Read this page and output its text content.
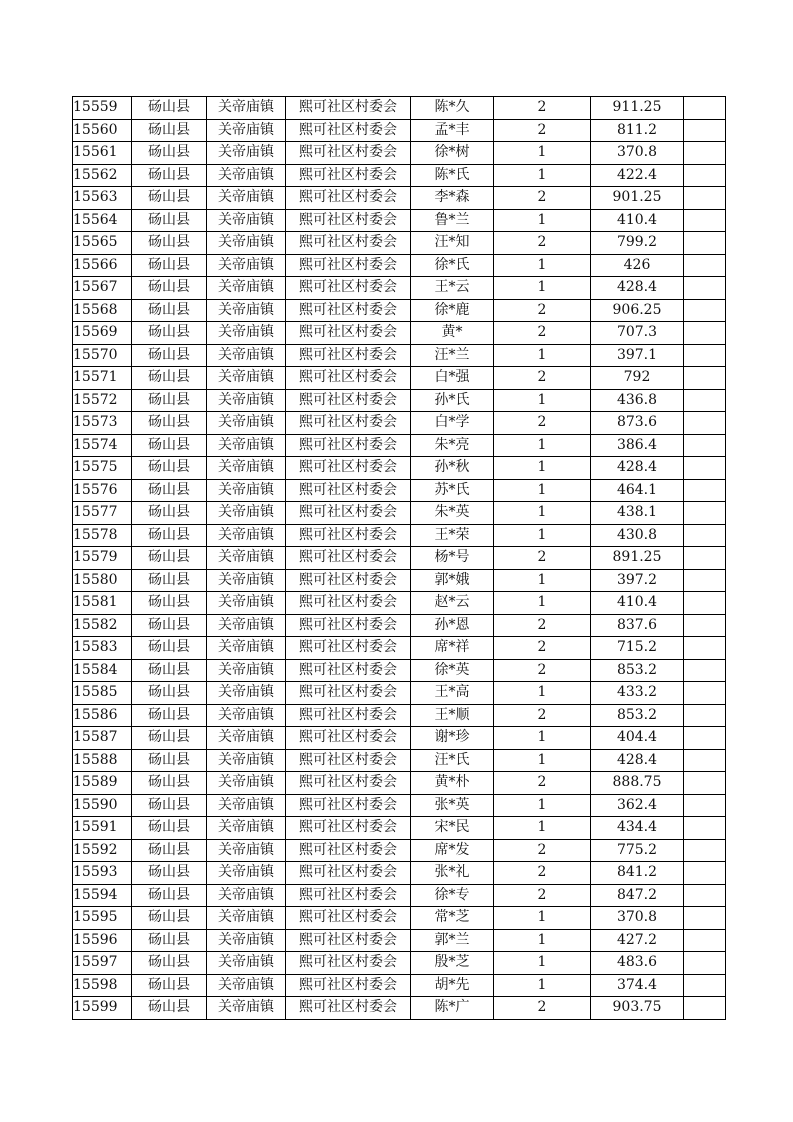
15559	砀山县	关帝庙镇	熙可社区村委会	陈*久	2	911.25	
15560	砀山县	关帝庙镇	熙可社区村委会	孟*丰	2	811.2	
15561	砀山县	关帝庙镇	熙可社区村委会	徐*树	1	370.8	
15562	砀山县	关帝庙镇	熙可社区村委会	陈*氏	1	422.4	
15563	砀山县	关帝庙镇	熙可社区村委会	李*森	2	901.25	
15564	砀山县	关帝庙镇	熙可社区村委会	鲁*兰	1	410.4	
15565	砀山县	关帝庙镇	熙可社区村委会	汪*知	2	799.2	
15566	砀山县	关帝庙镇	熙可社区村委会	徐*氏	1	426	
15567	砀山县	关帝庙镇	熙可社区村委会	王*云	1	428.4	
15568	砀山县	关帝庙镇	熙可社区村委会	徐*鹿	2	906.25	
15569	砀山县	关帝庙镇	熙可社区村委会	黄*	2	707.3	
15570	砀山县	关帝庙镇	熙可社区村委会	汪*兰	1	397.1	
15571	砀山县	关帝庙镇	熙可社区村委会	白*强	2	792	
15572	砀山县	关帝庙镇	熙可社区村委会	孙*氏	1	436.8	
15573	砀山县	关帝庙镇	熙可社区村委会	白*学	2	873.6	
15574	砀山县	关帝庙镇	熙可社区村委会	朱*亮	1	386.4	
15575	砀山县	关帝庙镇	熙可社区村委会	孙*秋	1	428.4	
15576	砀山县	关帝庙镇	熙可社区村委会	苏*氏	1	464.1	
15577	砀山县	关帝庙镇	熙可社区村委会	朱*英	1	438.1	
15578	砀山县	关帝庙镇	熙可社区村委会	王*荣	1	430.8	
15579	砀山县	关帝庙镇	熙可社区村委会	杨*号	2	891.25	
15580	砀山县	关帝庙镇	熙可社区村委会	郭*娥	1	397.2	
15581	砀山县	关帝庙镇	熙可社区村委会	赵*云	1	410.4	
15582	砀山县	关帝庙镇	熙可社区村委会	孙*恩	2	837.6	
15583	砀山县	关帝庙镇	熙可社区村委会	席*祥	2	715.2	
15584	砀山县	关帝庙镇	熙可社区村委会	徐*英	2	853.2	
15585	砀山县	关帝庙镇	熙可社区村委会	王*高	1	433.2	
15586	砀山县	关帝庙镇	熙可社区村委会	王*顺	2	853.2	
15587	砀山县	关帝庙镇	熙可社区村委会	谢*珍	1	404.4	
15588	砀山县	关帝庙镇	熙可社区村委会	汪*氏	1	428.4	
15589	砀山县	关帝庙镇	熙可社区村委会	黄*朴	2	888.75	
15590	砀山县	关帝庙镇	熙可社区村委会	张*英	1	362.4	
15591	砀山县	关帝庙镇	熙可社区村委会	宋*民	1	434.4	
15592	砀山县	关帝庙镇	熙可社区村委会	席*发	2	775.2	
15593	砀山县	关帝庙镇	熙可社区村委会	张*礼	2	841.2	
15594	砀山县	关帝庙镇	熙可社区村委会	徐*专	2	847.2	
15595	砀山县	关帝庙镇	熙可社区村委会	常*芝	1	370.8	
15596	砀山县	关帝庙镇	熙可社区村委会	郭*兰	1	427.2	
15597	砀山县	关帝庙镇	熙可社区村委会	殷*芝	1	483.6	
15598	砀山县	关帝庙镇	熙可社区村委会	胡*先	1	374.4	
15599	砀山县	关帝庙镇	熙可社区村委会	陈*广	2	903.75	
